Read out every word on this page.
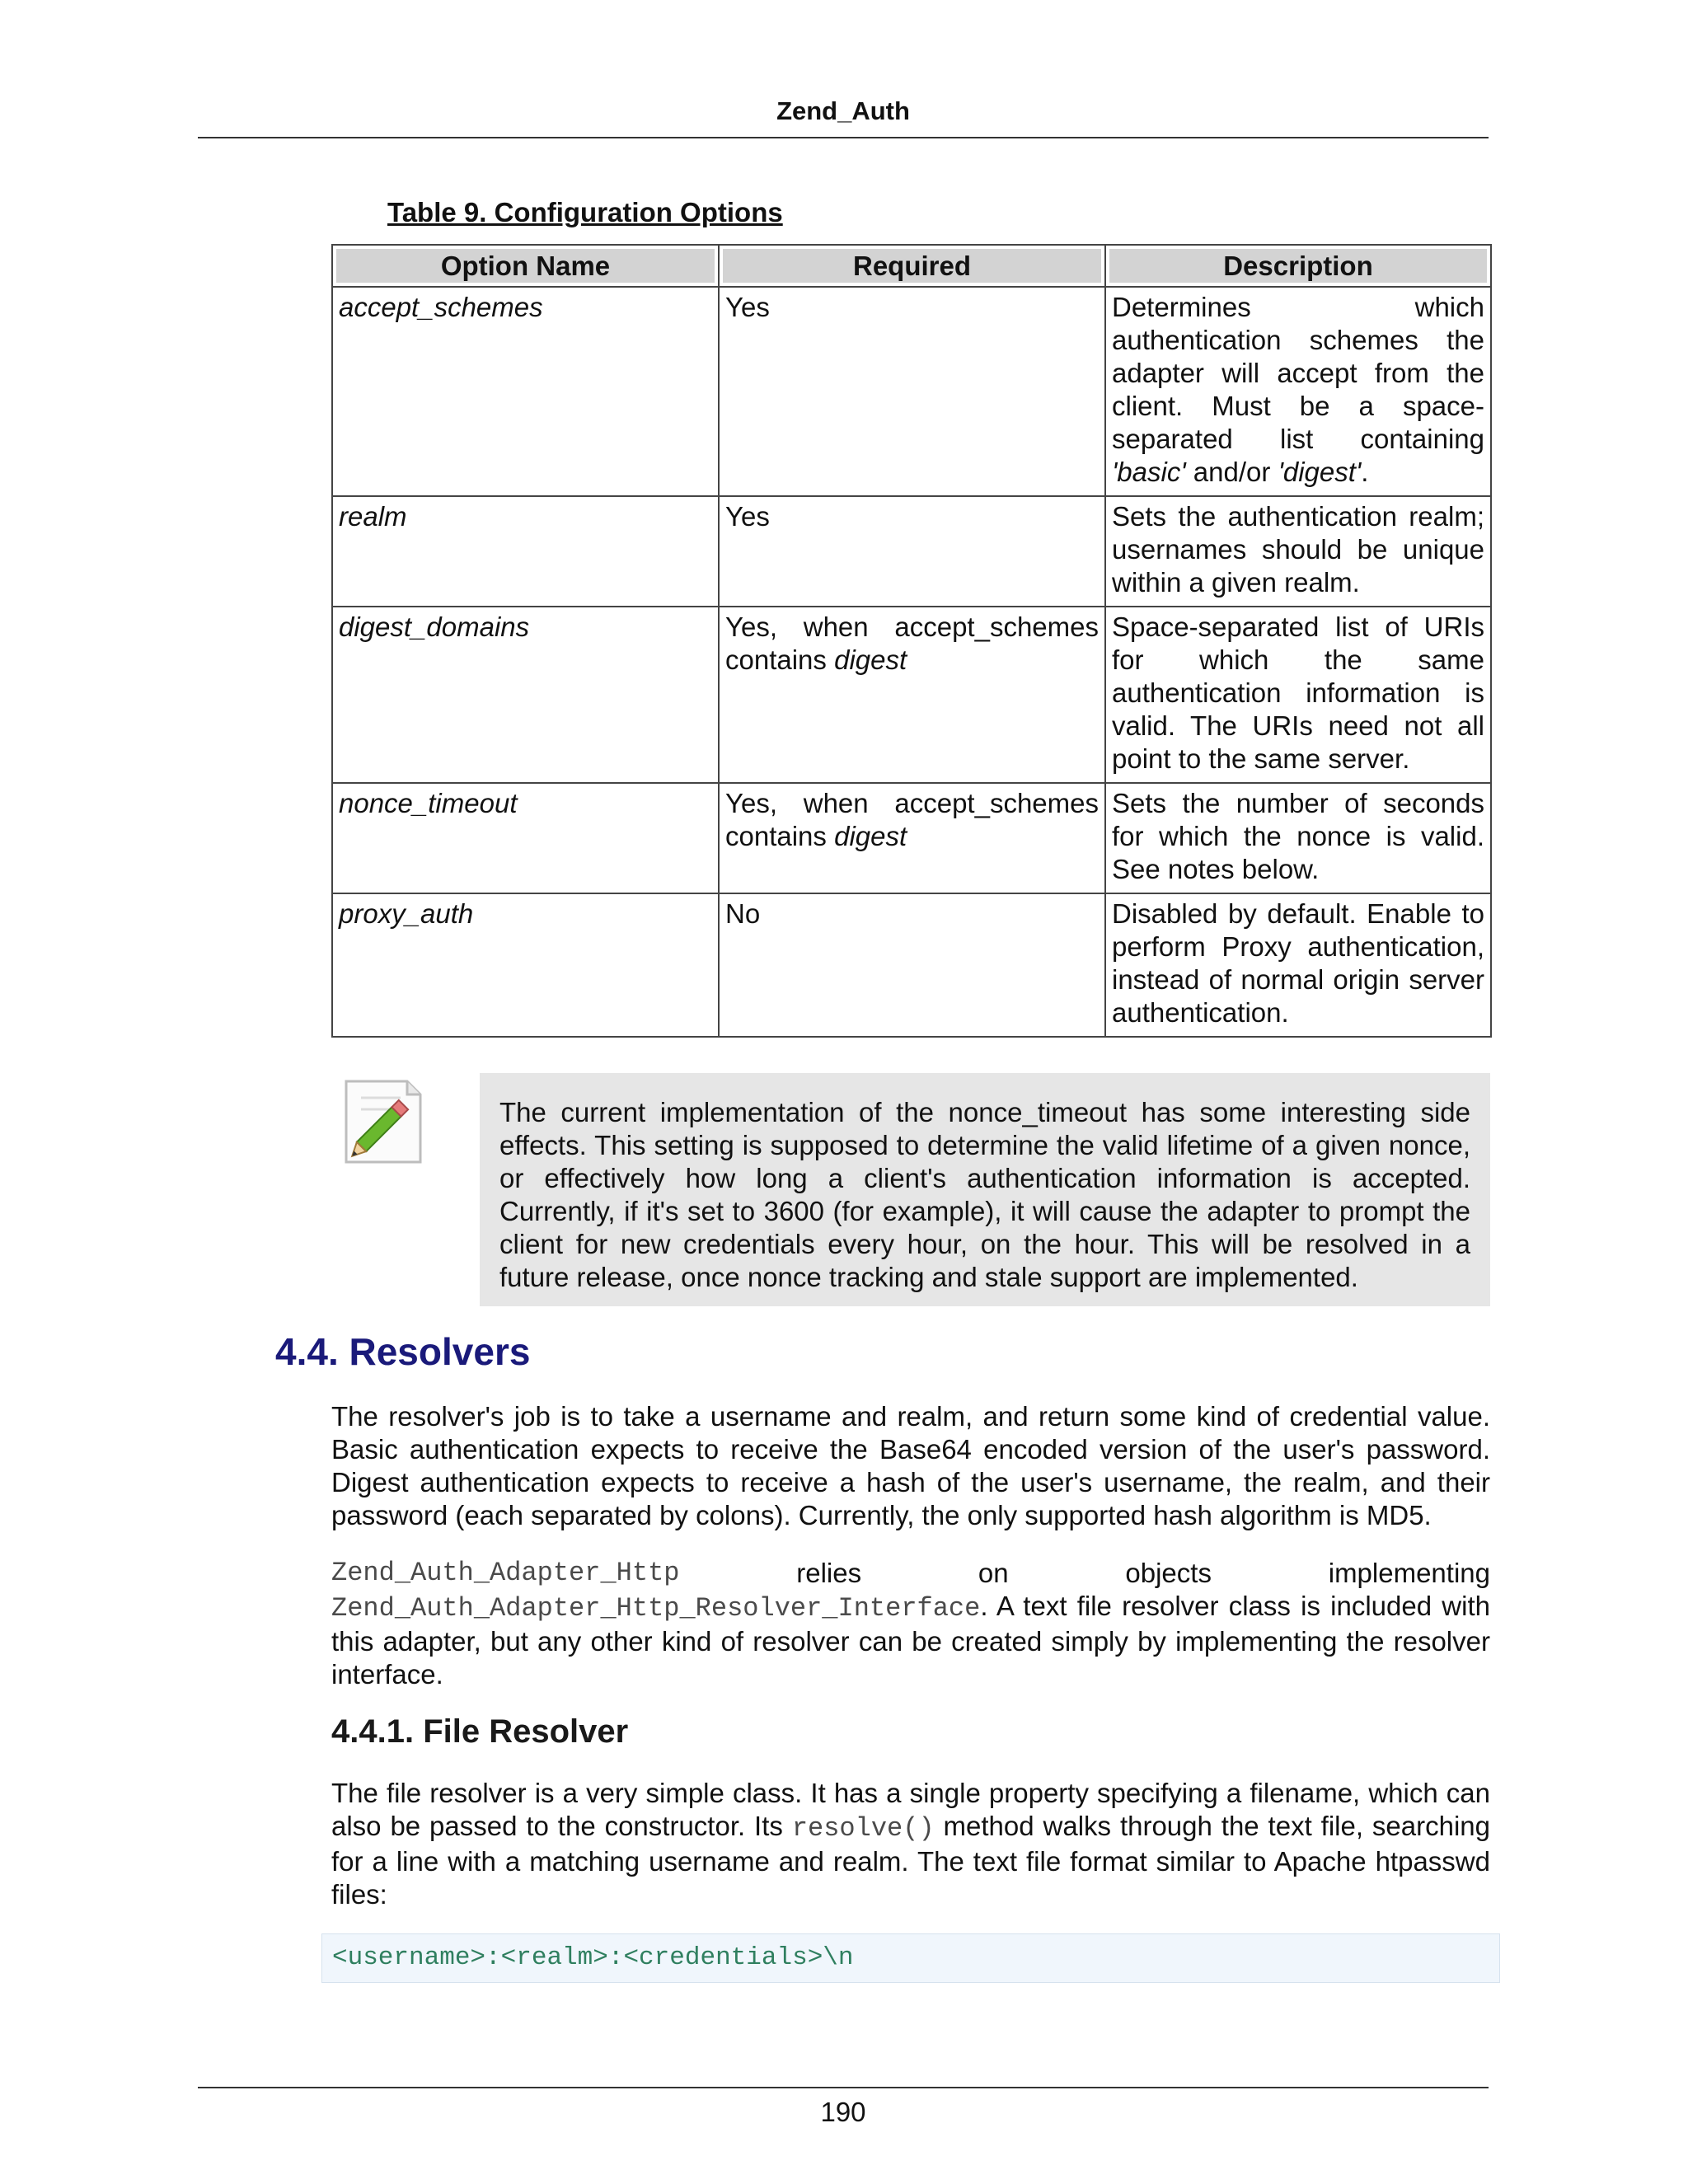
Zend_Auth
Table 9. Configuration Options
Option Name	Required	Description

accept_schemes	Yes	Determines which authentication schemes the adapter will accept from the client. Must be a space-separated list containing 'basic' and/or 'digest'.
realm	Yes	Sets the authentication realm; usernames should be unique within a given realm.
digest_domains	Yes, when accept_schemes contains digest	Space-separated list of URIs for which the same authentication information is valid. The URIs need not all point to the same server.
nonce_timeout	Yes, when accept_schemes contains digest	Sets the number of seconds for which the nonce is valid. See notes below.
proxy_auth	No	Disabled by default. Enable to perform Proxy authentication, instead of normal origin server authentication.
The current implementation of the nonce_timeout has some interesting side effects. This setting is supposed to determine the valid lifetime of a given nonce, or effectively how long a client's authentication information is accepted. Currently, if it's set to 3600 (for example), it will cause the adapter to prompt the client for new credentials every hour, on the hour. This will be resolved in a future release, once nonce tracking and stale support are implemented.
4.4. Resolvers

The resolver's job is to take a username and realm, and return some kind of credential value. Basic authentication expects to receive the Base64 encoded version of the user's password. Digest authentication expects to receive a hash of the user's username, the realm, and their password (each separated by colons). Currently, the only supported hash algorithm is MD5.

Zend_Auth_Adapter_Http	relies	on	objects	implementing
Zend_Auth_Adapter_Http_Resolver_Interface. A text file resolver class is included with this adapter, but any other kind of resolver can be created simply by implementing the resolver interface.
4.4.1. File Resolver

The file resolver is a very simple class. It has a single property specifying a filename, which can also be passed to the constructor. Its resolve() method walks through the text file, searching for a line with a matching username and realm. The text file format similar to Apache htpasswd files:

<username>:<realm>:<credentials>\n
190
